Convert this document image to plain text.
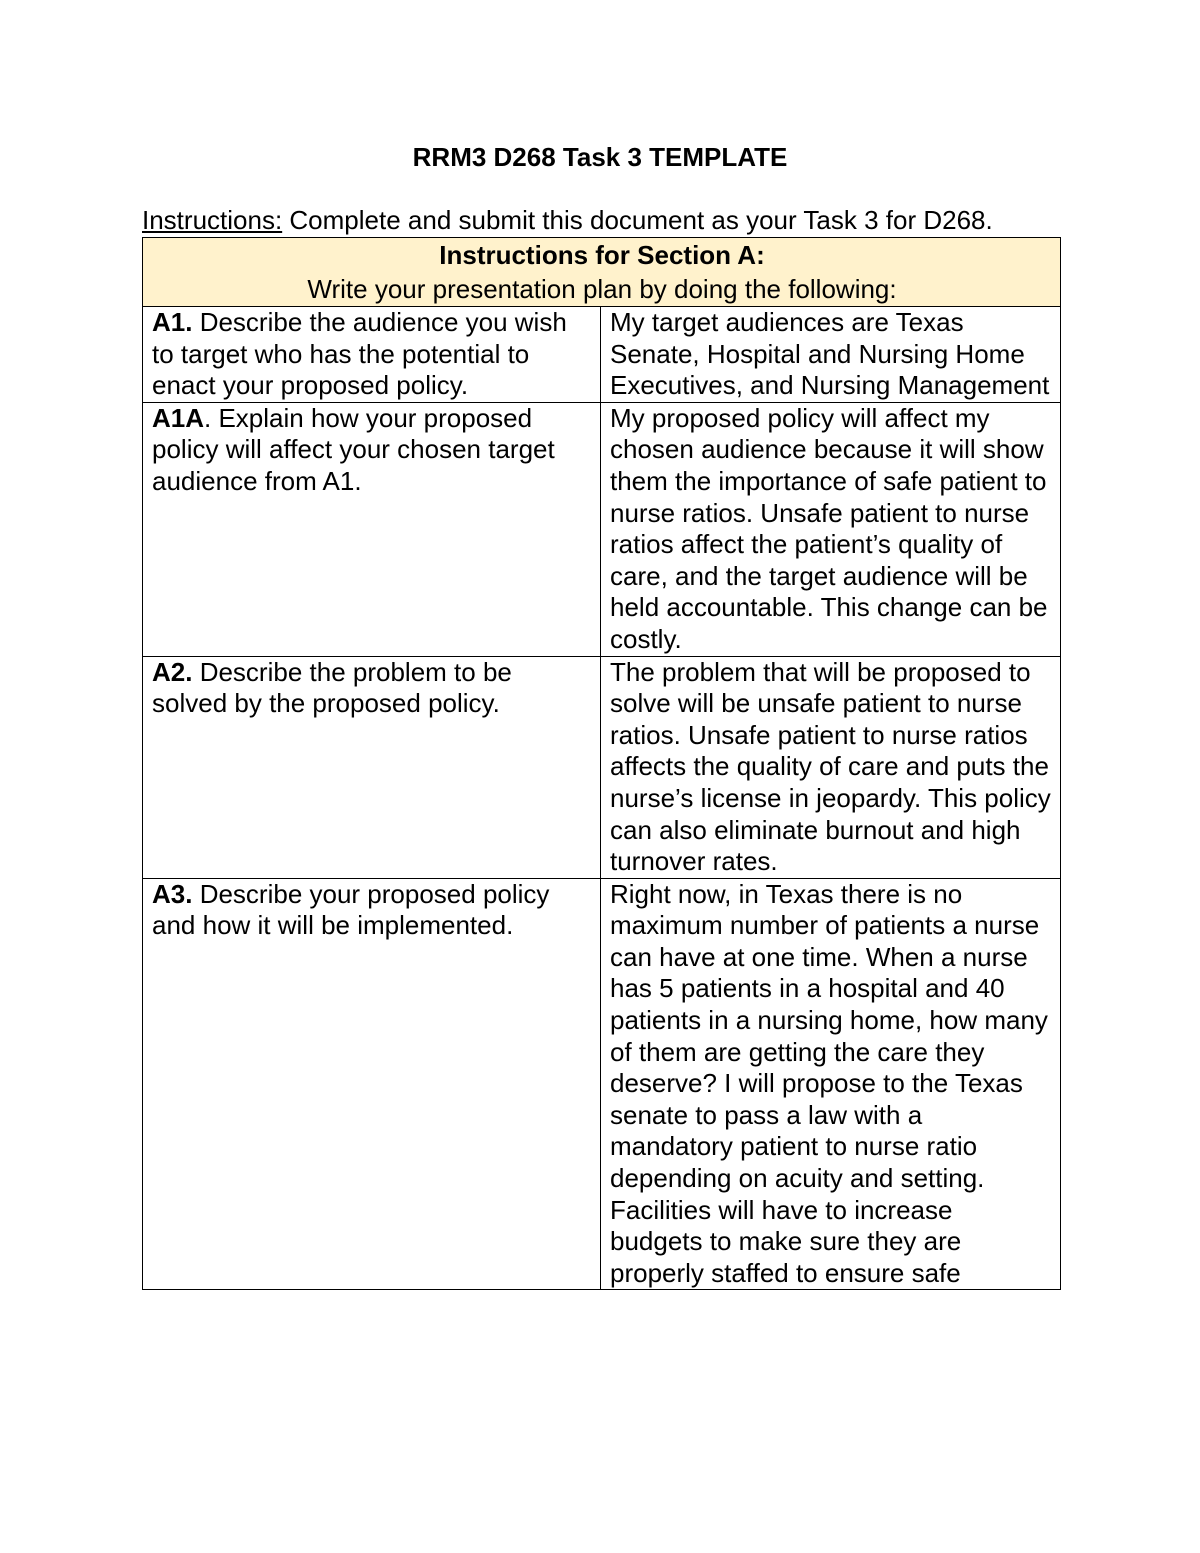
RRM3 D268 Task 3 TEMPLATE
Instructions: Complete and submit this document as your Task 3 for D268.
Instructions for Section A:
Write your presentation plan by doing the following:	

A1. Describe the audience you wish to target who has the potential to enact your proposed policy.	My target audiences are Texas Senate, Hospital and Nursing Home Executives, and Nursing Management
A1A. Explain how your proposed policy will affect your chosen target audience from A1.	My proposed policy will affect my chosen audience because it will show them the importance of safe patient to nurse ratios. Unsafe patient to nurse ratios affect the patient’s quality of care, and the target audience will be held accountable. This change can be costly.
A2. Describe the problem to be solved by the proposed policy.	The problem that will be proposed to solve will be unsafe patient to nurse ratios. Unsafe patient to nurse ratios affects the quality of care and puts the nurse’s license in jeopardy. This policy can also eliminate burnout and high turnover rates.
A3. Describe your proposed policy and how it will be implemented.	Right now, in Texas there is no maximum number of patients a nurse can have at one time. When a nurse has 5 patients in a hospital and 40 patients in a nursing home, how many of them are getting the care they deserve? I will propose to the Texas senate to pass a law with a mandatory patient to nurse ratio depending on acuity and setting. Facilities will have to increase budgets to make sure they are properly staffed to ensure safe
